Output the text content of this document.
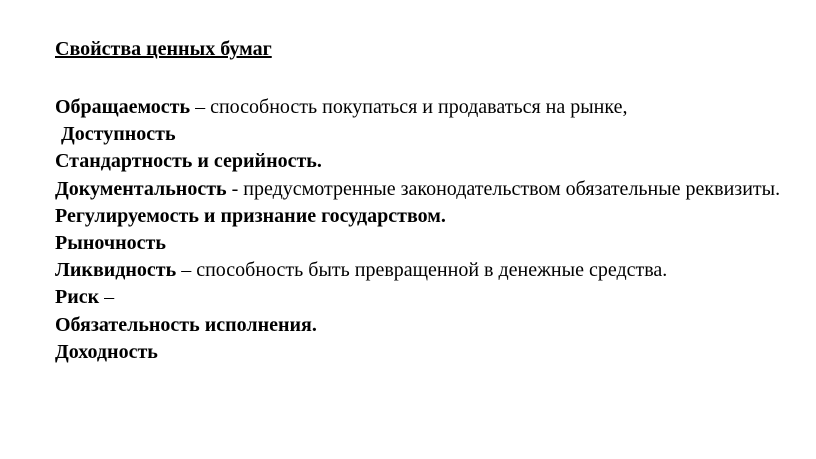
Свойства ценных бумаг
Обращаемость – способность покупаться и продаваться на рынке,
Доступность
Стандартность и серийность.
Документальность - предусмотренные законодательством обязательные реквизиты.
Регулируемость и признание государством.
Рыночность
Ликвидность – способность быть превращенной в денежные средства.
Риск –
Обязательность исполнения.
Доходность
